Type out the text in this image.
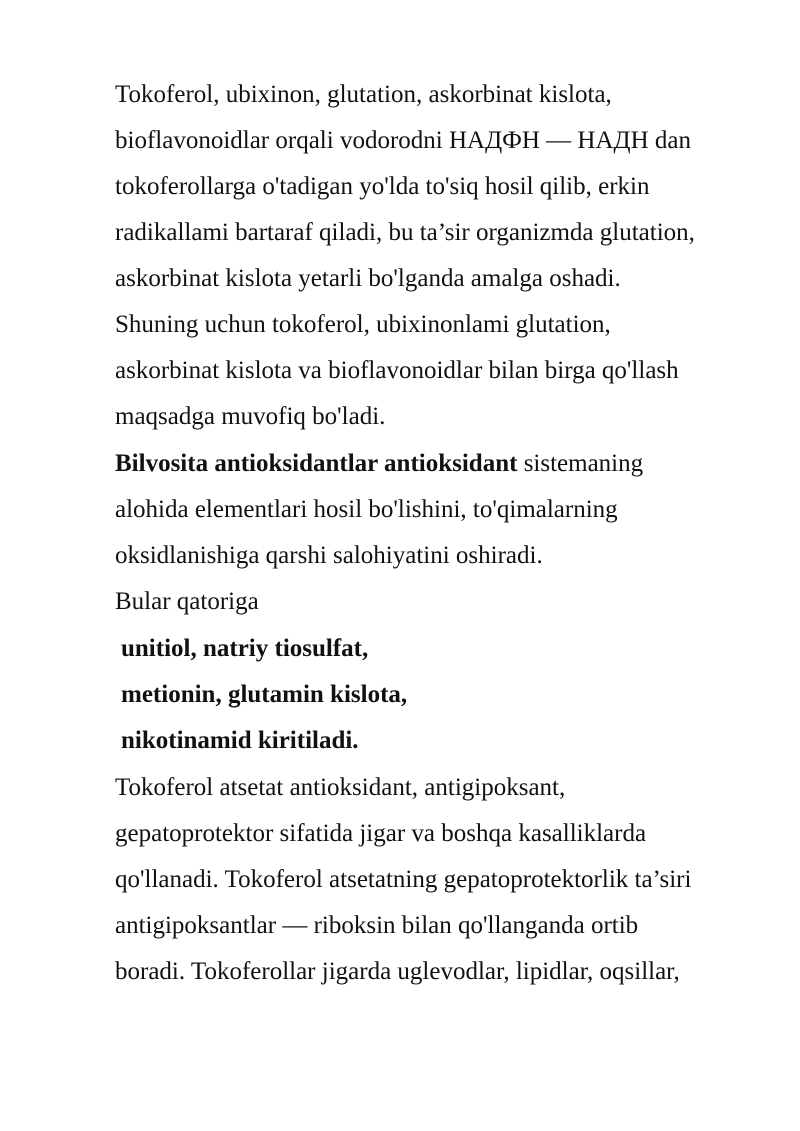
Tokoferol, ubixinon, glutation, askorbinat kislota,
bioflavonoidlar orqali vodorodni НАДФН — НАДН dan
tokoferollarga o'tadigan yo'lda to'siq hosil qilib, erkin
radikallami bartaraf qiladi, bu ta’sir organizmda glutation,
askorbinat kislota yetarli bo'lganda amalga oshadi.
Shuning uchun tokoferol, ubixinonlami glutation,
askorbinat kislota va bioflavonoidlar bilan birga qo'llash
maqsadga muvofiq bo'ladi.
Bilvosita antioksidantlar antioksidant sistemaning
alohida elementlari hosil bo'lishini, to'qimalarning
oksidlanishiga qarshi salohiyatini oshiradi.
Bular qatoriga
unitiol, natriy tiosulfat,
metionin, glutamin kislota,
nikotinamid kiritiladi.
Tokoferol atsetat antioksidant, antigipoksant,
gepatoprotektor sifatida jigar va boshqa kasalliklarda
qo'llanadi. Tokoferol atsetatning gepatoprotektorlik ta’siri
antigipoksantlar — riboksin bilan qo'llanganda ortib
boradi. Tokoferollar jigarda uglevodlar, lipidlar, oqsillar,
